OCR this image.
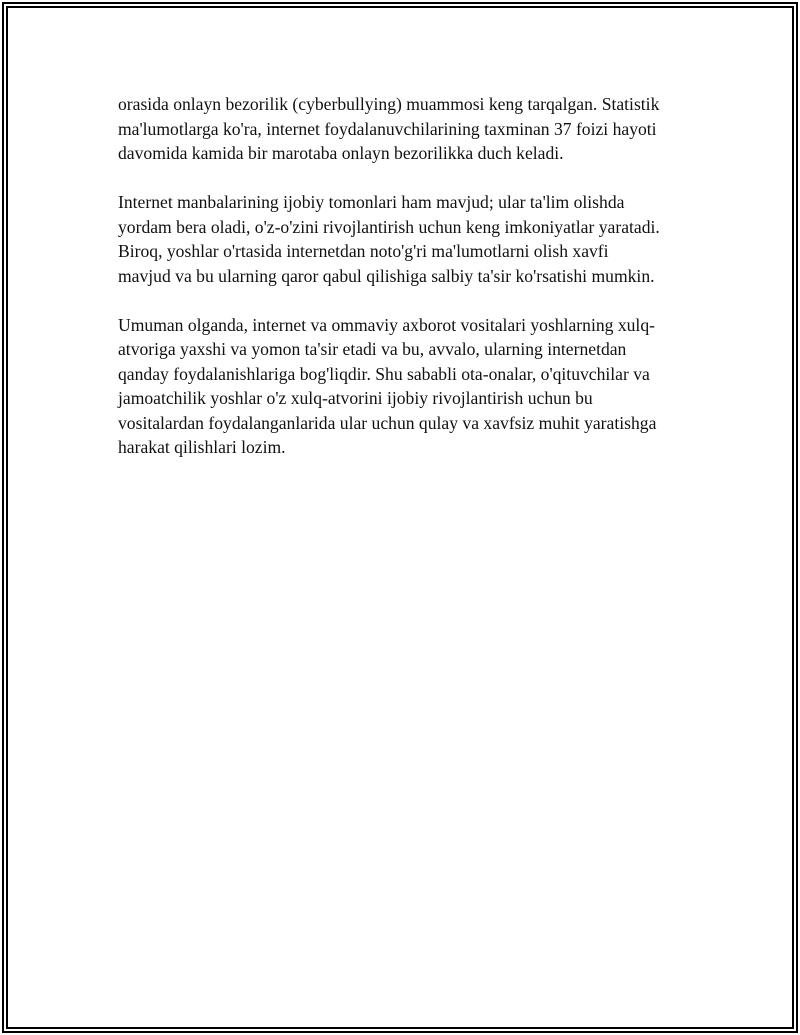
orasida onlayn bezorilik (cyberbullying) muammosi keng tarqalgan. Statistik
ma'lumotlarga ko'ra, internet foydalanuvchilarining taxminan 37 foizi hayoti
davomida kamida bir marotaba onlayn bezorilikka duch keladi.

Internet manbalarining ijobiy tomonlari ham mavjud; ular ta'lim olishda
yordam bera oladi, o'z-o'zini rivojlantirish uchun keng imkoniyatlar yaratadi.
Biroq, yoshlar o'rtasida internetdan noto'g'ri ma'lumotlarni olish xavfi
mavjud va bu ularning qaror qabul qilishiga salbiy ta'sir ko'rsatishi mumkin.

Umuman olganda, internet va ommaviy axborot vositalari yoshlarning xulq-
atvoriga yaxshi va yomon ta'sir etadi va bu, avvalo, ularning internetdan
qanday foydalanishlariga bog'liqdir. Shu sababli ota-onalar, o'qituvchilar va
jamoatchilik yoshlar o'z xulq-atvorini ijobiy rivojlantirish uchun bu
vositalardan foydalanganlarida ular uchun qulay va xavfsiz muhit yaratishga
harakat qilishlari lozim.
